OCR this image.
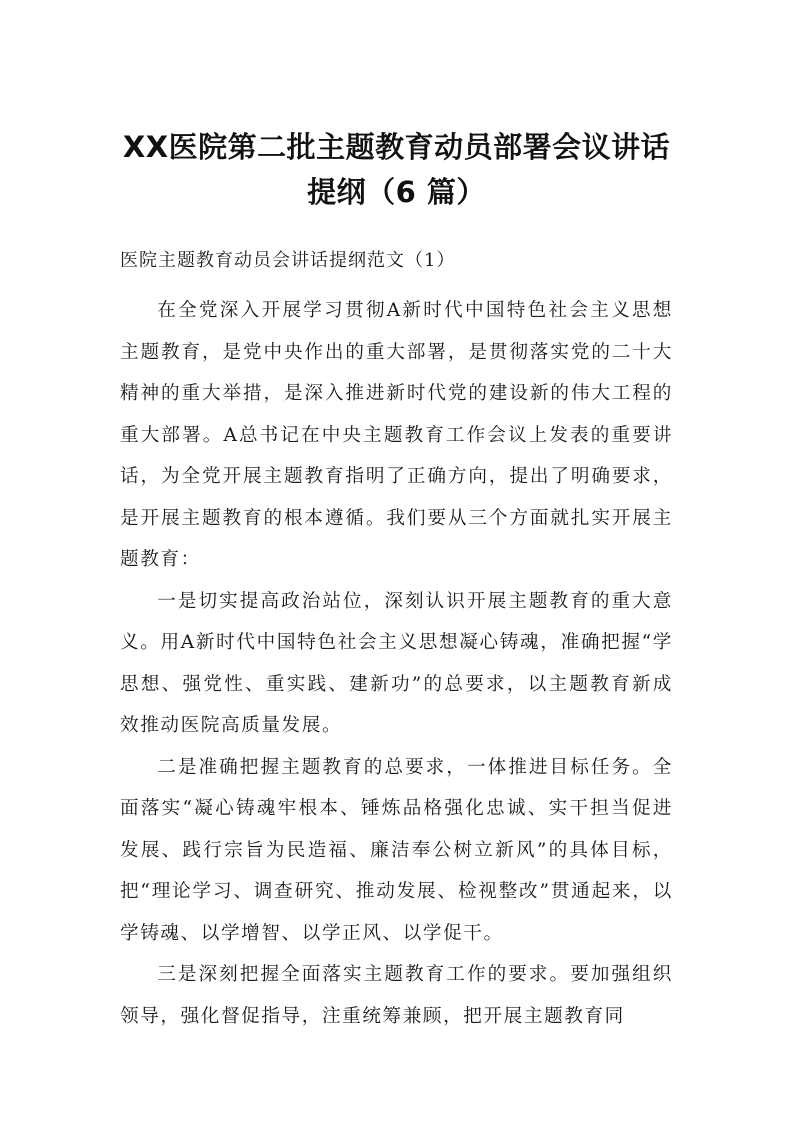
XX医院第二批主题教育动员部署会议讲话
提纲（6 篇）
医院主题教育动员会讲话提纲范文（1）

在全党深入开展学习贯彻A新时代中国特色社会主义思想主题教育，是党中央作出的重大部署，是贯彻落实党的二十大精神的重大举措，是深入推进新时代党的建设新的伟大工程的重大部署。A总书记在中央主题教育工作会议上发表的重要讲话，为全党开展主题教育指明了正确方向，提出了明确要求，是开展主题教育的根本遵循。我们要从三个方面就扎实开展主题教育：

一是切实提高政治站位，深刻认识开展主题教育的重大意义。用A新时代中国特色社会主义思想凝心铸魂，准确把握“学思想、强党性、重实践、建新功”的总要求，以主题教育新成效推动医院高质量发展。

二是准确把握主题教育的总要求，一体推进目标任务。全面落实“凝心铸魂牢根本、锤炼品格强化忠诚、实干担当促进发展、践行宗旨为民造福、廉洁奉公树立新风”的具体目标，把“理论学习、调查研究、推动发展、检视整改”贯通起来，以学铸魂、以学增智、以学正风、以学促干。

三是深刻把握全面落实主题教育工作的要求。要加强组织领导，强化督促指导，注重统筹兼顾，把开展主题教育同
